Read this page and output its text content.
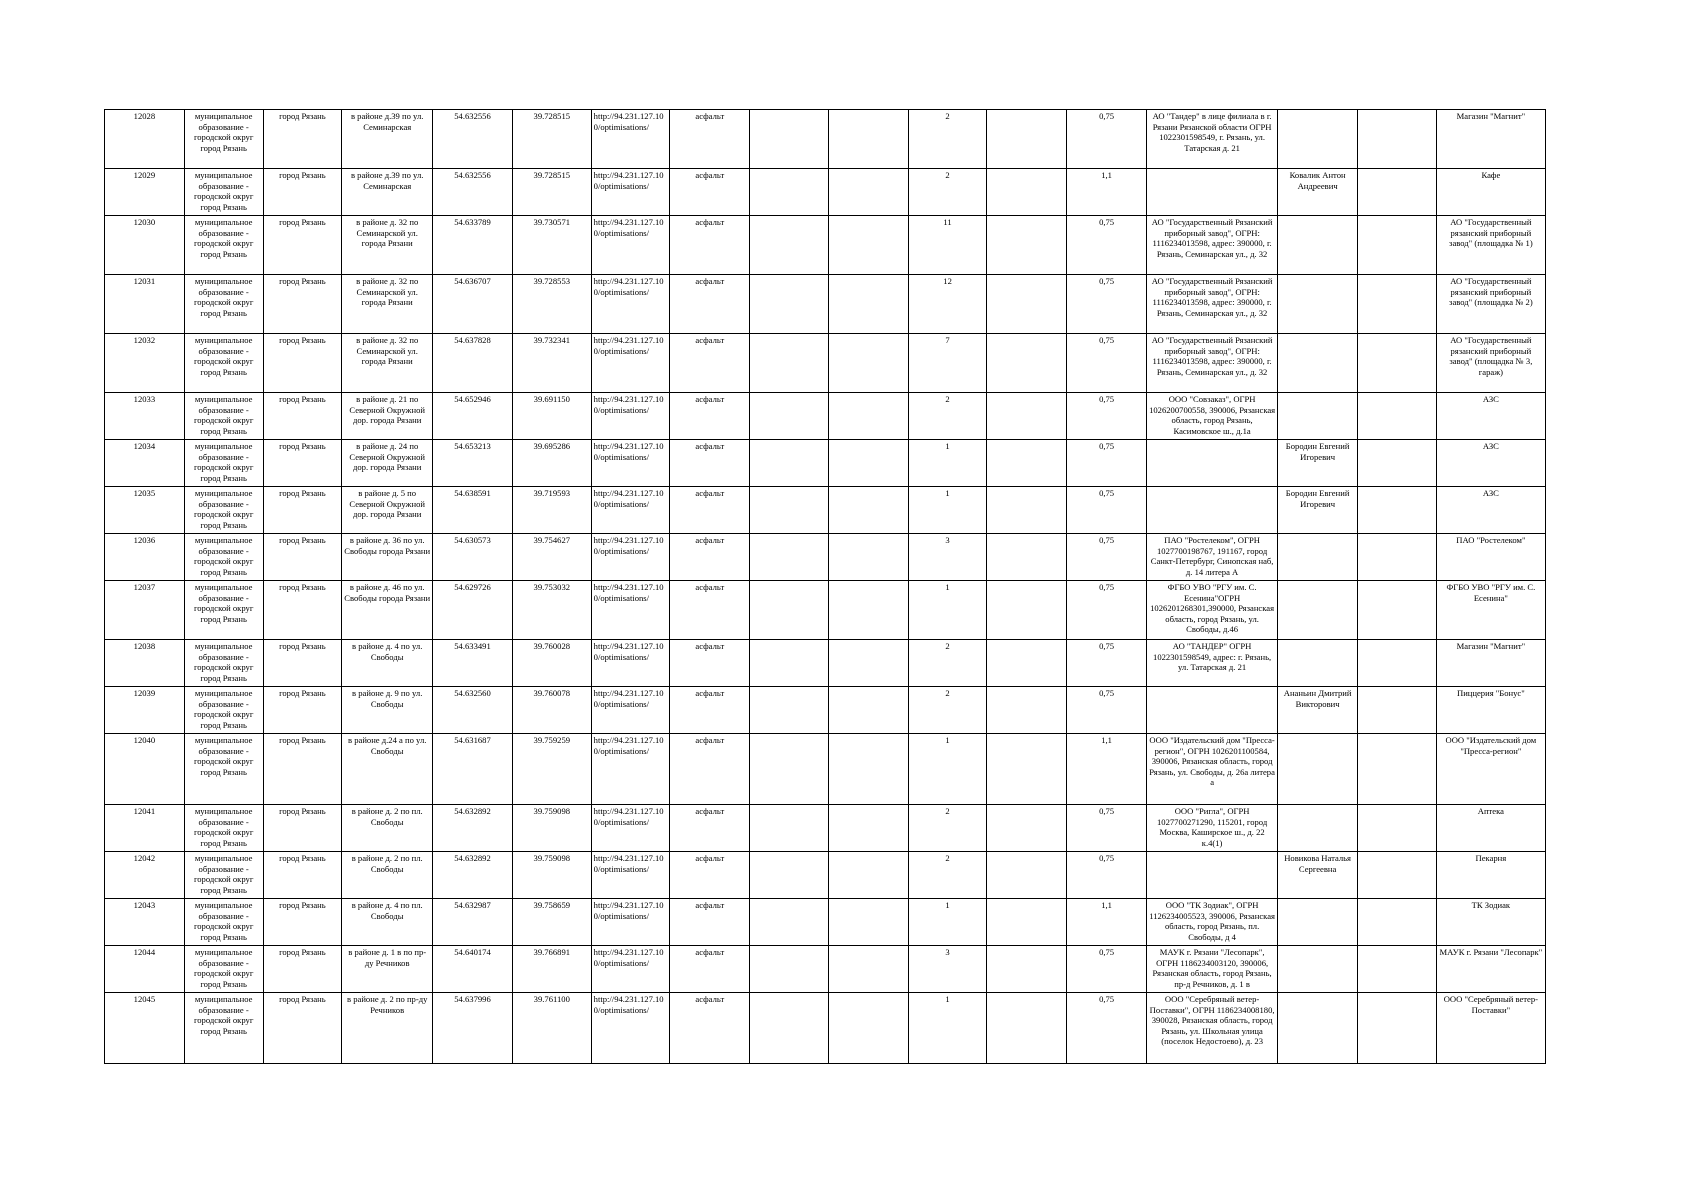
12028	муниципальное образование - городской округ город Рязань	город Рязань	в районе д.39 по ул. Семинарская	54.632556	39.728515	http://94.231.127.10 0/optimisations/	асфальт			2		0,75	АО "Тандер" в лице филиала в г. Рязани Рязанской области ОГРН 1022301598549, г. Рязань, ул. Татарская д. 21			Магазин "Магнит"
12029	муниципальное образование - городской округ город Рязань	город Рязань	в районе д.39 по ул. Семинарская	54.632556	39.728515	http://94.231.127.10 0/optimisations/	асфальт			2		1,1		Ковалик Антон Андреевич		Кафе
12030	муниципальное образование - городской округ город Рязань	город Рязань	в районе д. 32 по Семинарской ул. города Рязани	54.633789	39.730571	http://94.231.127.10 0/optimisations/	асфальт			11		0,75	АО "Государственный Рязанский приборный завод", ОГРН: 1116234013598, адрес: 390000, г. Рязань, Семинарская ул., д. 32			АО "Государственный рязанский приборный завод" (площадка № 1)
12031	муниципальное образование - городской округ город Рязань	город Рязань	в районе д. 32 по Семинарской ул. города Рязани	54.636707	39.728553	http://94.231.127.10 0/optimisations/	асфальт			12		0,75	АО "Государственный Рязанский приборный завод", ОГРН: 1116234013598, адрес: 390000, г. Рязань, Семинарская ул., д. 32			АО "Государственный рязанский приборный завод" (площадка № 2)
12032	муниципальное образование - городской округ город Рязань	город Рязань	в районе д. 32 по Семинарской ул. города Рязани	54.637828	39.732341	http://94.231.127.10 0/optimisations/	асфальт			7		0,75	АО "Государственный Рязанский приборный завод", ОГРН: 1116234013598, адрес: 390000, г. Рязань, Семинарская ул., д. 32			АО "Государственный рязанский приборный завод" (площадка № 3, гараж)
12033	муниципальное образование - городской округ город Рязань	город Рязань	в районе д. 21 по Северной Окружной дор. города Рязани	54.652946	39.691150	http://94.231.127.10 0/optimisations/	асфальт			2		0,75	ООО "Совзаказ", ОГРН 1026200700558, 390006, Рязанская область, город Рязань, Касимовское ш., д.1а			АЗС
12034	муниципальное образование - городской округ город Рязань	город Рязань	в районе д. 24 по Северной Окружной дор. города Рязани	54.653213	39.695286	http://94.231.127.10 0/optimisations/	асфальт			1		0,75		Бородин Евгений Игоревич		АЗС
12035	муниципальное образование - городской округ город Рязань	город Рязань	в районе д. 5 по Северной Окружной дор. города Рязани	54.638591	39.719593	http://94.231.127.10 0/optimisations/	асфальт			1		0,75		Бородин Евгений Игоревич		АЗС
12036	муниципальное образование - городской округ город Рязань	город Рязань	в районе д. 36 по ул. Свободы города Рязани	54.630573	39.754627	http://94.231.127.10 0/optimisations/	асфальт			3		0,75	ПАО "Ростелеком", ОГРН 1027700198767, 191167, город Санкт-Петербург, Синопская наб, д. 14 литера А			ПАО "Ростелеком"
12037	муниципальное образование - городской округ город Рязань	город Рязань	в районе д. 46 по ул. Свободы города Рязани	54.629726	39.753032	http://94.231.127.10 0/optimisations/	асфальт			1		0,75	ФГБО УВО "РГУ им. С. Есенина"ОГРН 1026201268301,390000, Рязанская область, город Рязань, ул. Свободы, д.46			ФГБО УВО "РГУ им. С. Есенина"
12038	муниципальное образование - городской округ город Рязань	город Рязань	в районе д. 4 по ул. Свободы	54.633491	39.760028	http://94.231.127.10 0/optimisations/	асфальт			2		0,75	АО "ТАНДЕР" ОГРН 1022301598549, адрес: г. Рязань, ул. Татарская д. 21			Магазин "Магнит"
12039	муниципальное образование - городской округ город Рязань	город Рязань	в районе д. 9 по ул. Свободы	54.632560	39.760078	http://94.231.127.10 0/optimisations/	асфальт			2		0,75		Ананьин Дмитрий Викторович		Пиццерия "Бонус"
12040	муниципальное образование - городской округ город Рязань	город Рязань	в районе д.24 а по ул. Свободы	54.631687	39.759259	http://94.231.127.10 0/optimisations/	асфальт			1		1,1	ООО "Издательский дом "Пресса-регион", ОГРН 1026201100584, 390006, Рязанская область, город Рязань, ул. Свободы, д. 26а литера а			ООО "Издательский дом "Пресса-регион"
12041	муниципальное образование - городской округ город Рязань	город Рязань	в районе д. 2 по пл. Свободы	54.632892	39.759098	http://94.231.127.10 0/optimisations/	асфальт			2		0,75	ООО "Ригла", ОГРН 1027700271290, 115201, город Москва, Каширское ш., д. 22 к.4(1)			Аптека
12042	муниципальное образование - городской округ город Рязань	город Рязань	в районе д. 2 по пл. Свободы	54.632892	39.759098	http://94.231.127.10 0/optimisations/	асфальт			2		0,75		Новикова Наталья Сергеевна		Пекарня
12043	муниципальное образование - городской округ город Рязань	город Рязань	в районе д. 4 по пл. Свободы	54.632987	39.758659	http://94.231.127.10 0/optimisations/	асфальт			1		1,1	ООО "ТК Зодиак", ОГРН 1126234005523, 390006, Рязанская область, город Рязань, пл. Свободы, д 4			ТК Зодиак
12044	муниципальное образование - городской округ город Рязань	город Рязань	в районе д. 1 в по пр-ду Речников	54.640174	39.766891	http://94.231.127.10 0/optimisations/	асфальт			3		0,75	МАУК г. Рязани "Лесопарк", ОГРН 1186234003120, 390006, Рязанская область, город Рязань, пр-д Речников, д. 1 в			МАУК г. Рязани "Лесопарк"
12045	муниципальное образование - городской округ город Рязань	город Рязань	в районе д. 2 по пр-ду Речников	54.637996	39.761100	http://94.231.127.10 0/optimisations/	асфальт			1		0,75	ООО "Серебряный ветер-Поставки", ОГРН 1186234008180, 390028, Рязанская область, город Рязань, ул. Школьная улица (поселок Недостоево), д. 23			ООО "Серебряный ветер-Поставки"
